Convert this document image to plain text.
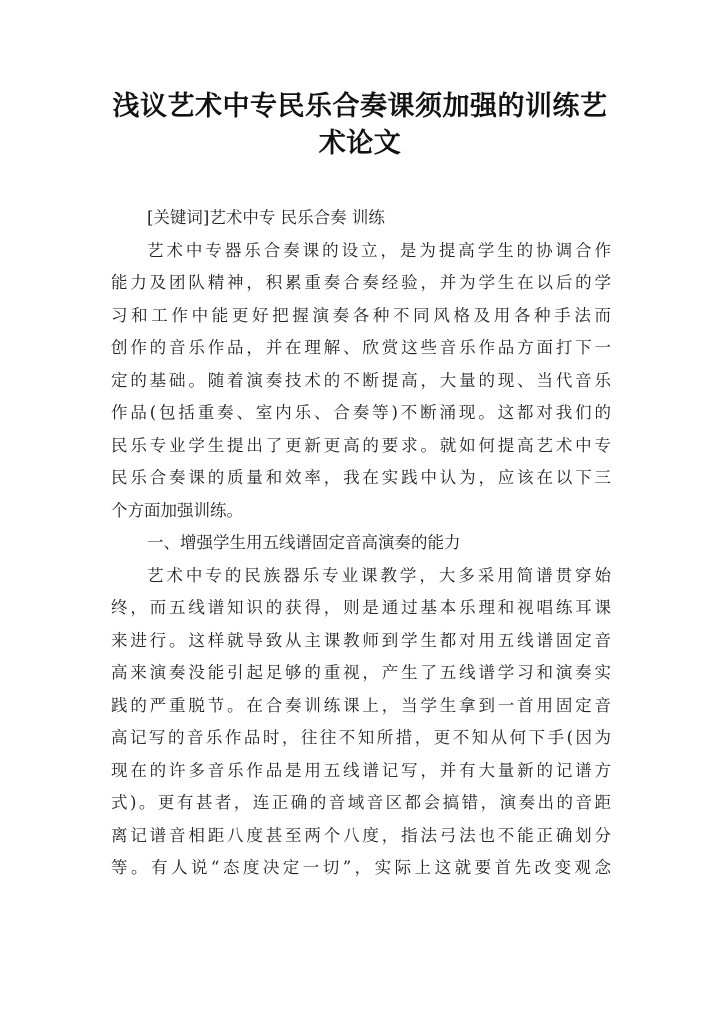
浅议艺术中专民乐合奏课须加强的训练艺
术论文
[关键词]艺术中专 民乐合奏 训练
艺术中专器乐合奏课的设立，是为提高学生的协调合作
能力及团队精神，积累重奏合奏经验，并为学生在以后的学
习和工作中能更好把握演奏各种不同风格及用各种手法而
创作的音乐作品，并在理解、欣赏这些音乐作品方面打下一
定的基础。随着演奏技术的不断提高，大量的现、当代音乐
作品(包括重奏、室内乐、合奏等)不断涌现。这都对我们的
民乐专业学生提出了更新更高的要求。就如何提高艺术中专
民乐合奏课的质量和效率，我在实践中认为，应该在以下三
个方面加强训练。
一、增强学生用五线谱固定音高演奏的能力
艺术中专的民族器乐专业课教学，大多采用简谱贯穿始
终，而五线谱知识的获得，则是通过基本乐理和视唱练耳课
来进行。这样就导致从主课教师到学生都对用五线谱固定音
高来演奏没能引起足够的重视，产生了五线谱学习和演奏实
践的严重脱节。在合奏训练课上，当学生拿到一首用固定音
高记写的音乐作品时，往往不知所措，更不知从何下手(因为
现在的许多音乐作品是用五线谱记写，并有大量新的记谱方
式)。更有甚者，连正确的音域音区都会搞错，演奏出的音距
离记谱音相距八度甚至两个八度，指法弓法也不能正确划分
等。有人说“态度决定一切”，实际上这就要首先改变观念
